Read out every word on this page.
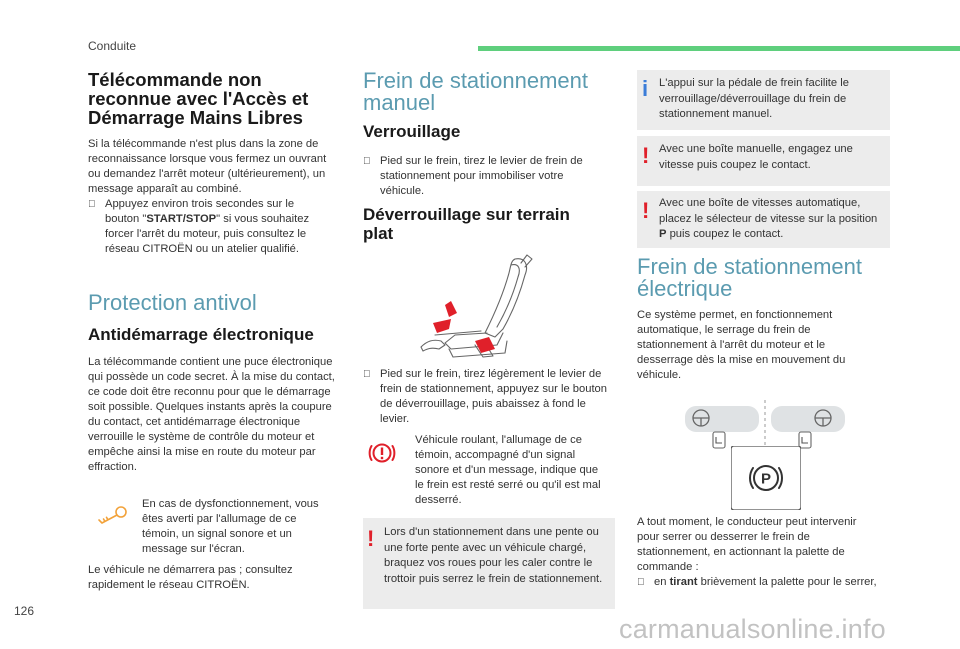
Conduite
Télécommande non reconnue avec l'Accès et Démarrage Mains Libres

Si la télécommande n'est plus dans la zone de reconnaissance lorsque vous fermez un ouvrant ou demandez l'arrêt moteur (ultérieurement), un message apparaît au combiné.

Appuyez environ trois secondes sur le bouton "START/STOP" si vous souhaitez forcer l'arrêt du moteur, puis consultez le réseau CITROËN ou un atelier qualifié.
Protection antivol
Antidémarrage électronique

La télécommande contient une puce électronique qui possède un code secret. À la mise du contact, ce code doit être reconnu pour que le démarrage soit possible. Quelques instants après la coupure du contact, cet antidémarrage électronique verrouille le système de contrôle du moteur et empêche ainsi la mise en route du moteur par effraction.

En cas de dysfonctionnement, vous êtes averti par l'allumage de ce témoin, un signal sonore et un message sur l'écran.

Le véhicule ne démarrera pas ; consultez rapidement le réseau CITROËN.

Frein de stationnement manuel
Verrouillage
Pied sur le frein, tirez le levier de frein de stationnement pour immobiliser votre véhicule.
Déverrouillage sur terrain plat
Pied sur le frein, tirez légèrement le levier de frein de stationnement, appuyez sur le bouton de déverrouillage, puis abaissez à fond le levier.

Véhicule roulant, l'allumage de ce témoin, accompagné d'un signal sonore et d'un message, indique que le frein est resté serré ou qu'il est mal desserré.

! Lors d'un stationnement dans une pente ou une forte pente avec un véhicule chargé, braquez vos roues pour les caler contre le trottoir puis serrez le frein de stationnement.

i L'appui sur la pédale de frein facilite le verrouillage/déverrouillage du frein de stationnement manuel.

! Avec une boîte manuelle, engagez une vitesse puis coupez le contact.

! Avec une boîte de vitesses automatique, placez le sélecteur de vitesse sur la position P puis coupez le contact.

Frein de stationnement électrique

Ce système permet, en fonctionnement automatique, le serrage du frein de stationnement à l'arrêt du moteur et le desserrage dès la mise en mouvement du véhicule.

P

A tout moment, le conducteur peut intervenir pour serrer ou desserrer le frein de stationnement, en actionnant la palette de commande :

en tirant brièvement la palette pour le serrer,
126
carmanualsonline.info
